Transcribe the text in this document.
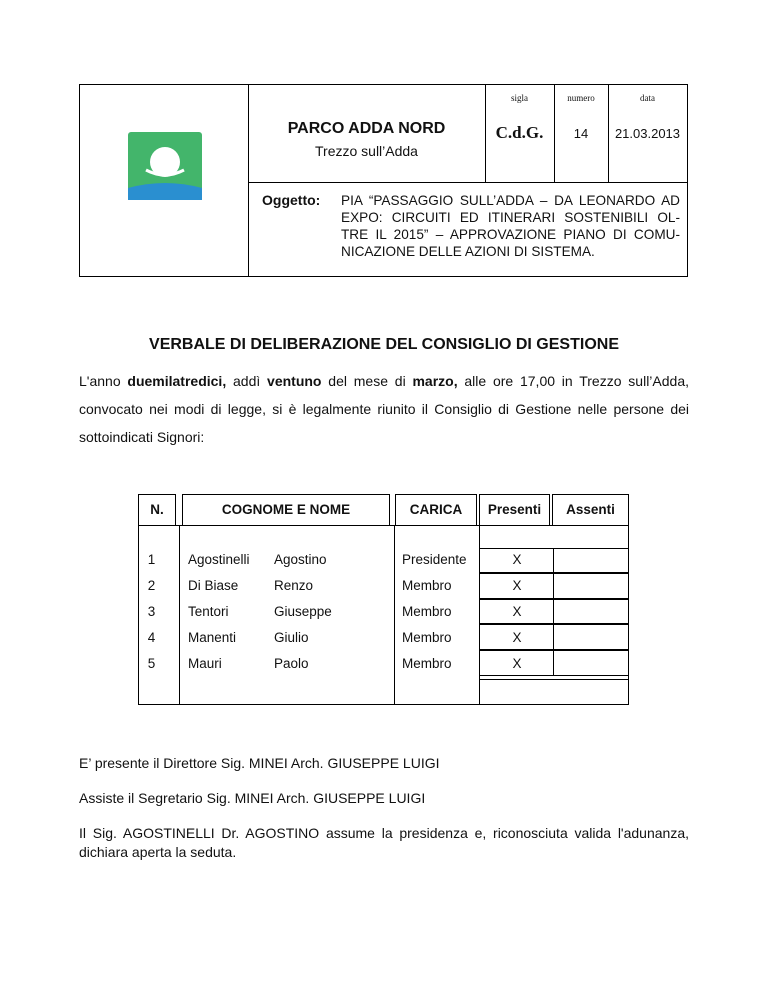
sigla	numero	data
PARCO ADDA NORD
Trezzo sull’Adda
C.d.G.	14	21.03.2013
Oggetto: PIA “PASSAGGIO SULL’ADDA – DA LEONARDO AD EXPO: CIRCUITI ED ITINERARI SOSTENIBILI OL-TRE IL 2015” – APPROVAZIONE PIANO DI COMU-NICAZIONE DELLE AZIONI DI SISTEMA.
VERBALE DI DELIBERAZIONE DEL CONSIGLIO DI GESTIONE
L'anno duemilatredici, addì ventuno del mese di marzo, alle ore 17,00 in Trezzo sull’Adda, convocato nei modi di legge, si è legalmente riunito il Consiglio di Gestione nelle persone dei sottoindicati Signori:
N.	COGNOME E NOME	CARICA	Presenti	Assenti
1	Agostinelli Agostino	Presidente	X
2	Di Biase	Renzo	Membro	X
3	Tentori	Giuseppe	Membro	X
4	Manenti	Giulio	Membro	X
5	Mauri	Paolo	Membro	X
E’ presente il Direttore Sig. MINEI Arch. GIUSEPPE LUIGI
Assiste il Segretario Sig. MINEI Arch. GIUSEPPE LUIGI
Il Sig. AGOSTINELLI Dr. AGOSTINO assume la presidenza e, riconosciuta valida l'adunanza, dichiara aperta la seduta.
